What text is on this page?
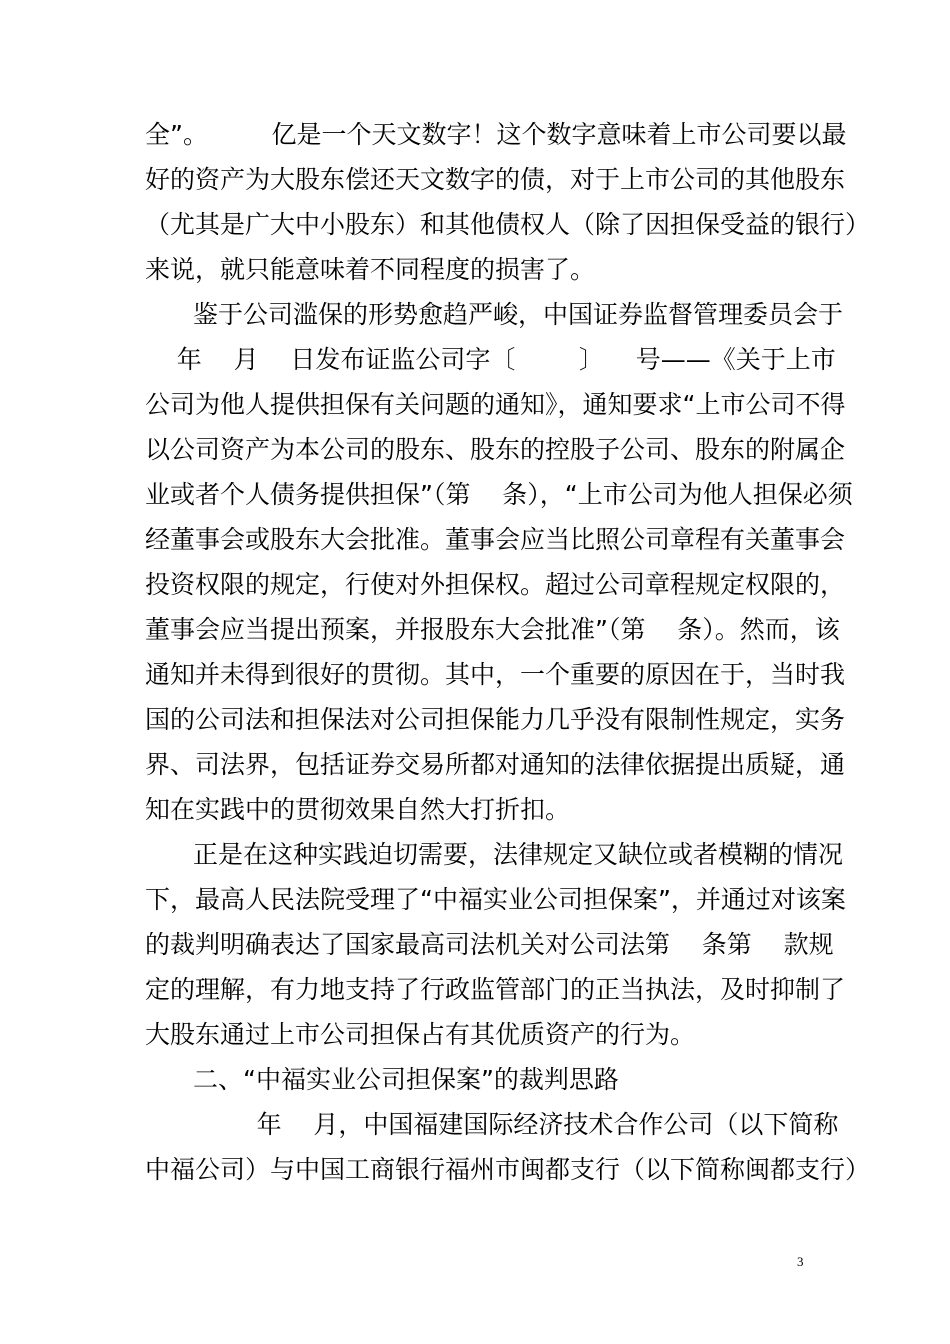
全”。        亿是一个天文数字！这个数字意味着上市公司要以最
好的资产为大股东偿还天文数字的债，对于上市公司的其他股东
（尤其是广大中小股东）和其他债权人（除了因担保受益的银行）
来说，就只能意味着不同程度的损害了。
鉴于公司滥保的形势愈趋严峻，中国证券监督管理委员会于
年    月    日发布证监公司字〔        〕    号——《关于上市
公司为他人提供担保有关问题的通知》，通知要求“上市公司不得
以公司资产为本公司的股东、股东的控股子公司、股东的附属企
业或者个人债务提供担保”（第    条），“上市公司为他人担保必须
经董事会或股东大会批准。董事会应当比照公司章程有关董事会
投资权限的规定，行使对外担保权。超过公司章程规定权限的，
董事会应当提出预案，并报股东大会批准”（第    条）。然而，该
通知并未得到很好的贯彻。其中，一个重要的原因在于，当时我
国的公司法和担保法对公司担保能力几乎没有限制性规定，实务
界、司法界，包括证券交易所都对通知的法律依据提出质疑，通
知在实践中的贯彻效果自然大打折扣。
正是在这种实践迫切需要，法律规定又缺位或者模糊的情况
下，最高人民法院受理了“中福实业公司担保案”，并通过对该案
的裁判明确表达了国家最高司法机关对公司法第    条第    款规
定的理解，有力地支持了行政监管部门的正当执法，及时抑制了
大股东通过上市公司担保占有其优质资产的行为。
二、“中福实业公司担保案”的裁判思路
年    月，中国福建国际经济技术合作公司（以下简称
中福公司）与中国工商银行福州市闽都支行（以下简称闽都支行）
3
